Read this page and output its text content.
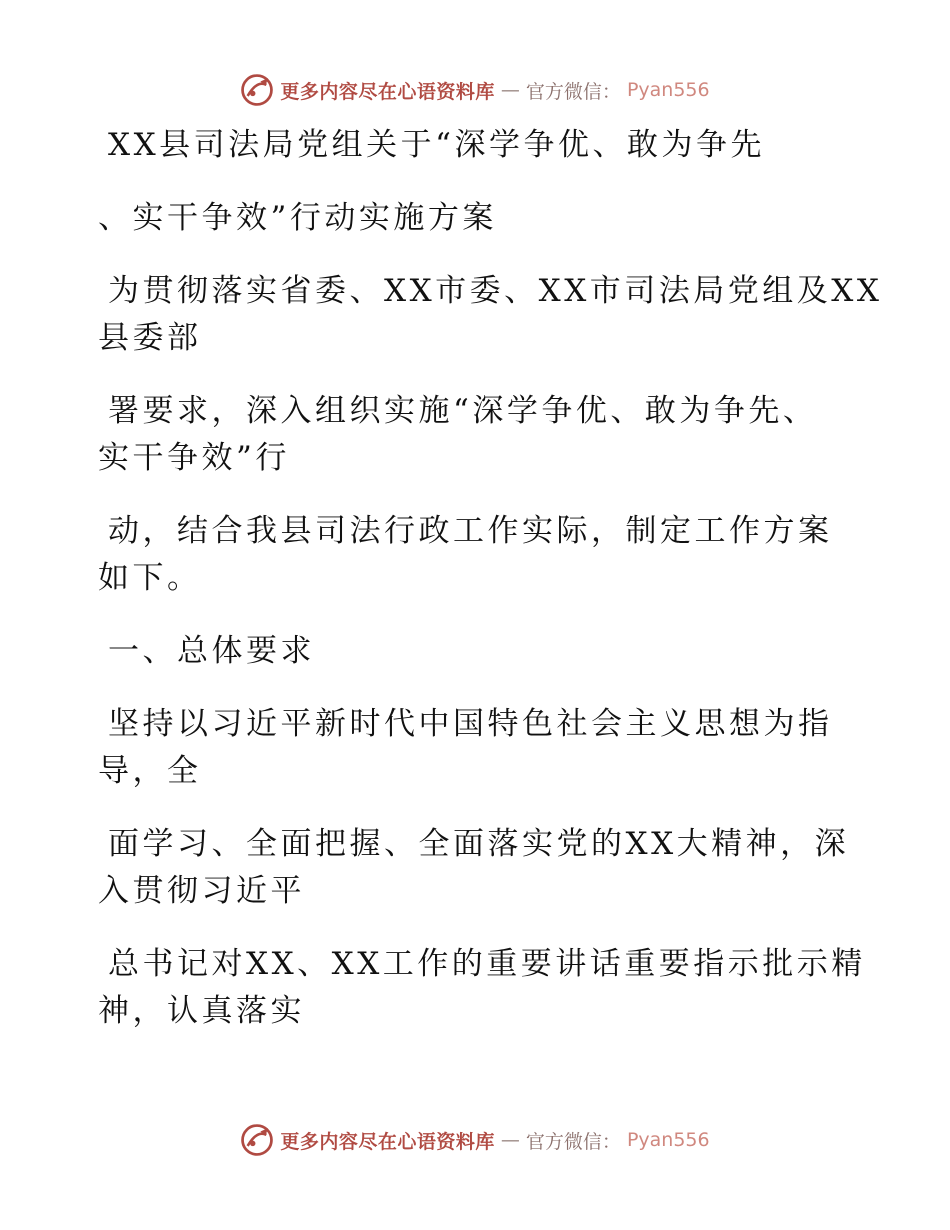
更多内容尽在心语资料库 — 官方微信： Pyan556

XX县司法局党组关于“深学争优、敢为争先

、实干争效”行动实施方案

为贯彻落实省委、XX市委、XX市司法局党组及XX
县委部

署要求，深入组织实施“深学争优、敢为争先、
实干争效”行

动，结合我县司法行政工作实际，制定工作方案
如下。

一、总体要求

坚持以习近平新时代中国特色社会主义思想为指
导，全

面学习、全面把握、全面落实党的XX大精神，深
入贯彻习近平

总书记对XX、XX工作的重要讲话重要指示批示精
神，认真落实

更多内容尽在心语资料库 — 官方微信： Pyan556
